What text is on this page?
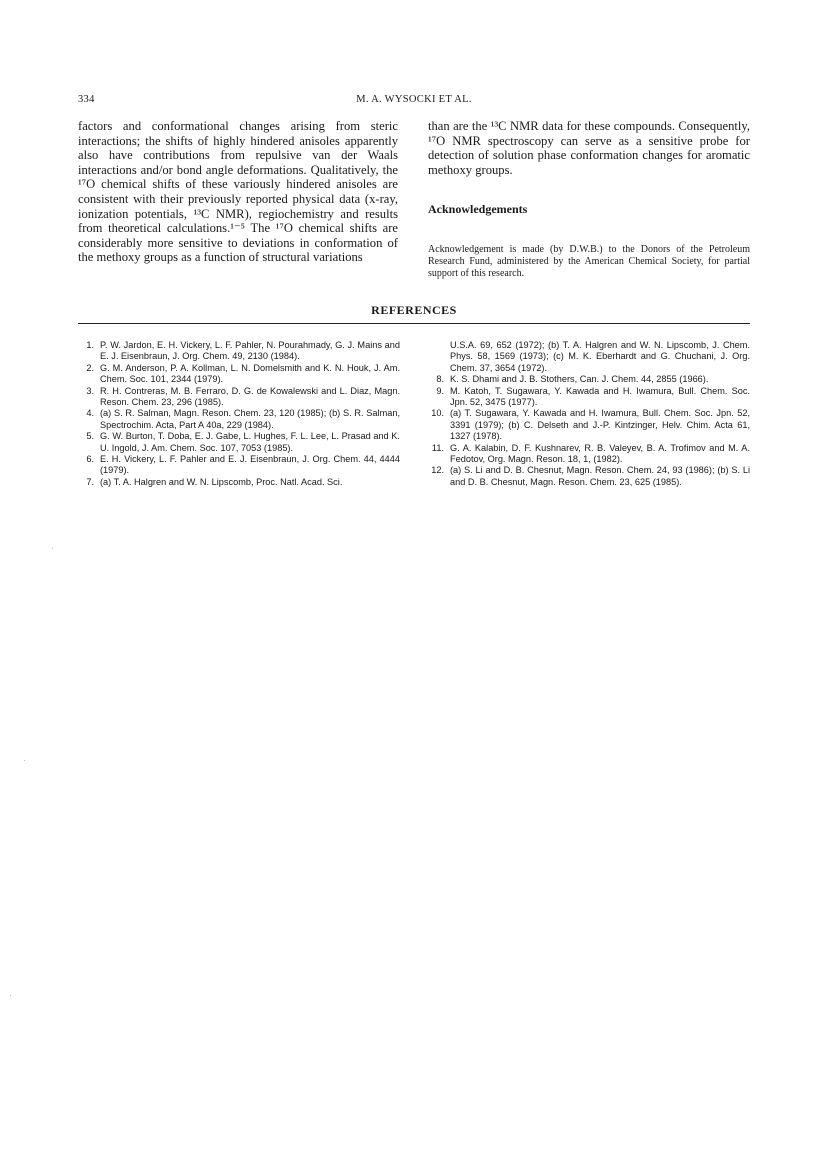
334	M. A. WYSOCKI ET AL.

factors and conformational changes arising from steric interactions; the shifts of highly hindered anisoles apparently also have contributions from repulsive van der Waals interactions and/or bond angle deformations. Qualitatively, the ¹⁷O chemical shifts of these variously hindered anisoles are consistent with their previously reported physical data (x-ray, ionization potentials, ¹³C NMR), regiochemistry and results from theoretical calculations.¹⁻⁵ The ¹⁷O chemical shifts are considerably more sensitive to deviations in conformation of the methoxy groups as a function of structural variations

than are the ¹³C NMR data for these compounds. Consequently, ¹⁷O NMR spectroscopy can serve as a sensitive probe for detection of solution phase conformation changes for aromatic methoxy groups.

Acknowledgements
Acknowledgement is made (by D.W.B.) to the Donors of the Petroleum Research Fund, administered by the American Chemical Society, for partial support of this research.
REFERENCES
1. P. W. Jardon, E. H. Vickery, L. F. Pahler, N. Pourahmady, G. J. Mains and E. J. Eisenbraun, J. Org. Chem. 49, 2130 (1984).
2. G. M. Anderson, P. A. Kollman, L. N. Domelsmith and K. N. Houk, J. Am. Chem. Soc. 101, 2344 (1979).
3. R. H. Contreras, M. B. Ferraro, D. G. de Kowalewski and L. Diaz, Magn. Reson. Chem. 23, 296 (1985).
4. (a) S. R. Salman, Magn. Reson. Chem. 23, 120 (1985); (b) S. R. Salman, Spectrochim. Acta, Part A 40a, 229 (1984).
5. G. W. Burton, T. Doba, E. J. Gabe, L. Hughes, F. L. Lee, L. Prasad and K. U. Ingold, J. Am. Chem. Soc. 107, 7053 (1985).
6. E. H. Vickery, L. F. Pahler and E. J. Eisenbraun, J. Org. Chem. 44, 4444 (1979).
7. (a) T. A. Halgren and W. N. Lipscomb, Proc. Natl. Acad. Sci.
U.S.A. 69, 652 (1972); (b) T. A. Halgren and W. N. Lipscomb, J. Chem. Phys. 58, 1569 (1973); (c) M. K. Eberhardt and G. Chuchani, J. Org. Chem. 37, 3654 (1972).
8. K. S. Dhami and J. B. Stothers, Can. J. Chem. 44, 2855 (1966).
9. M. Katoh, T. Sugawara, Y. Kawada and H. Iwamura, Bull. Chem. Soc. Jpn. 52, 3475 (1977).
10. (a) T. Sugawara, Y. Kawada and H. Iwamura, Bull. Chem. Soc. Jpn. 52, 3391 (1979); (b) C. Delseth and J.-P. Kintzinger, Helv. Chim. Acta 61, 1327 (1978).
11. G. A. Kalabin, D. F. Kushnarev, R. B. Valeyev, B. A. Trofimov and M. A. Fedotov, Org. Magn. Reson. 18, 1, (1982).
12. (a) S. Li and D. B. Chesnut, Magn. Reson. Chem. 24, 93 (1986); (b) S. Li and D. B. Chesnut, Magn. Reson. Chem. 23, 625 (1985).
